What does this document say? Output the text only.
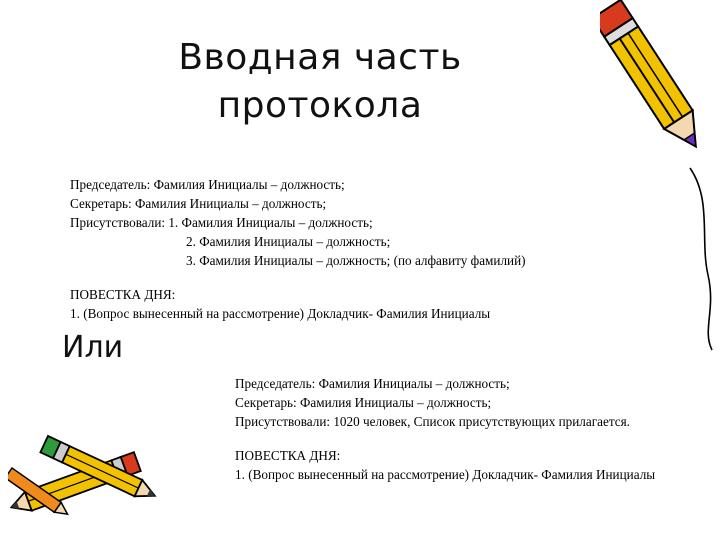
Вводная часть
протокола
Председатель: Фамилия Инициалы – должность;
Секретарь: Фамилия Инициалы – должность;
Присутствовали: 1. Фамилия Инициалы – должность;
2. Фамилия Инициалы – должность;
3. Фамилия Инициалы – должность; (по алфавиту фамилий)
ПОВЕСТКА ДНЯ:
1. (Вопрос вынесенный на рассмотрение) Докладчик- Фамилия Инициалы
Или
Председатель: Фамилия Инициалы – должность;
Секретарь: Фамилия Инициалы – должность;
Присутствовали: 1020 человек, Список присутствующих прилагается.
ПОВЕСТКА ДНЯ:
1. (Вопрос вынесенный на рассмотрение) Докладчик- Фамилия Инициалы
